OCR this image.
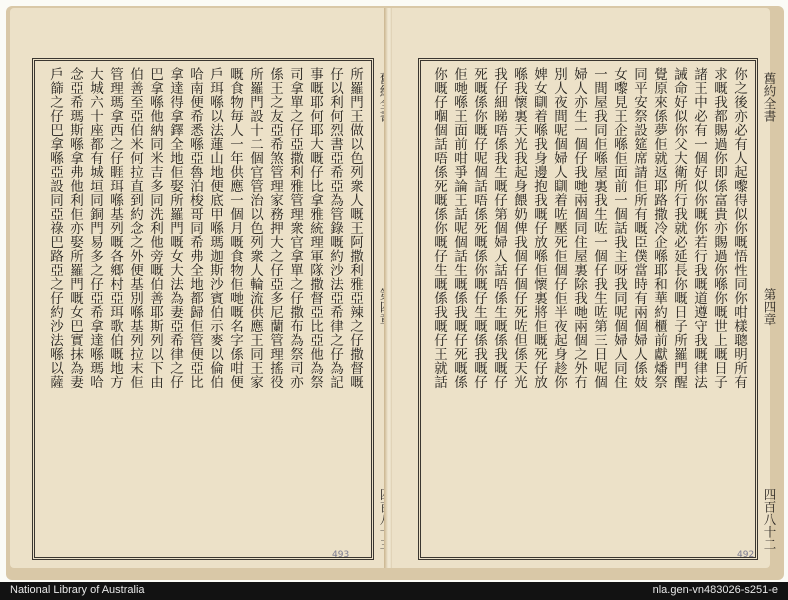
所羅門王做以色列衆人嘅王阿撒利雅亞辣之仔撒督嘅
仔以利何烈書亞希亞為管錄嘅約沙法亞希律之仔為記
事嘅耶何耶大嘅仔比拿雅統理軍隊撒督亞比亞他為祭
司拿單之仔亞撒利雅管理衆官拿單之仔撒布為祭司亦
係王之友亞希煞管理家務押大之仔亞多尼蘭管理搖役
所羅門設十二個官管治以色列衆人輪流供應王同王家
嘅食物毎人一年供應一個月嘅食物佢哋嘅名字係咁便
戶珥喺以法蓮山地便底甲喺瑪迦斯沙賓伯示麥以倫伯
哈南便希悉喺亞魯泊梭哥同希弗全地都歸佢管便亞比
拿達得拿鐸全地佢娶所羅門嘅女大法為妻亞希律之仔
巴拿喺他納同米吉多同洗利他旁嘅伯善耶斯列以下由
伯善至亞伯米何拉直到約念之外便基別喺基列拉末佢
管理瑪拿西之仔睚珥喺基列嘅各鄉村亞珥歌伯嘅地方
大城六十座都有城垣同銅門易多之仔亞希拿達喺瑪哈
念亞希瑪斯喺拿弗他利佢亦娶所羅門嘅女巴實抹為妻
戶篩之仔巴拿喺亞設同亞祿巴路亞之仔約沙法喺以薩
493
你之後亦必有人起嚟得似你嘅悟性同你咁樣聰明所有
求嘅我都賜過你即係富貴亦賜過你喺你嘅世上嘅日子
諸王中必有一個好似你嘅你若行我嘅道遵守我嘅律法
誡命好似你父大衛所行我就必延長你嘅日子所羅門醒
覺原來係夢佢就返耶路撒冷企喺耶和華約櫃前獻燔祭
同平安祭設筵席請佢所有嘅臣僕當時有兩個婦人係妓
女嚟見王企喺佢面前一個話我主呀我同呢個婦人同住
一間屋我同佢喺屋裏我生咗一個仔我生咗第三日呢個
婦人亦生一個仔我哋兩個同住屋裏除我哋兩個之外冇
別人夜間呢個婦人瞓着咗壓死佢個仔佢半夜起身趁你
婢女瞓着喺我身邊抱我嘅仔放喺佢懷裏將佢嘅死仔放
喺我懷裏天光我起身餵奶俾我個仔個仔死咗但係天光
我仔細睇唔係我生嘅仔第個婦人話唔係生嘅係我嘅仔
死嘅係你嘅仔呢個話唔係死嘅係你嘅仔生嘅係我嘅仔
佢哋喺王面前咁爭論王話呢個話生嘅係我嘅仔死嘅係
你嘅仔嗰個話唔係死嘅係你嘅仔生嘅係我嘅仔王就話	舊約全書
第四章
四百八十二
492
National Library of Australia	nla.gen-vn483026-s251-e
